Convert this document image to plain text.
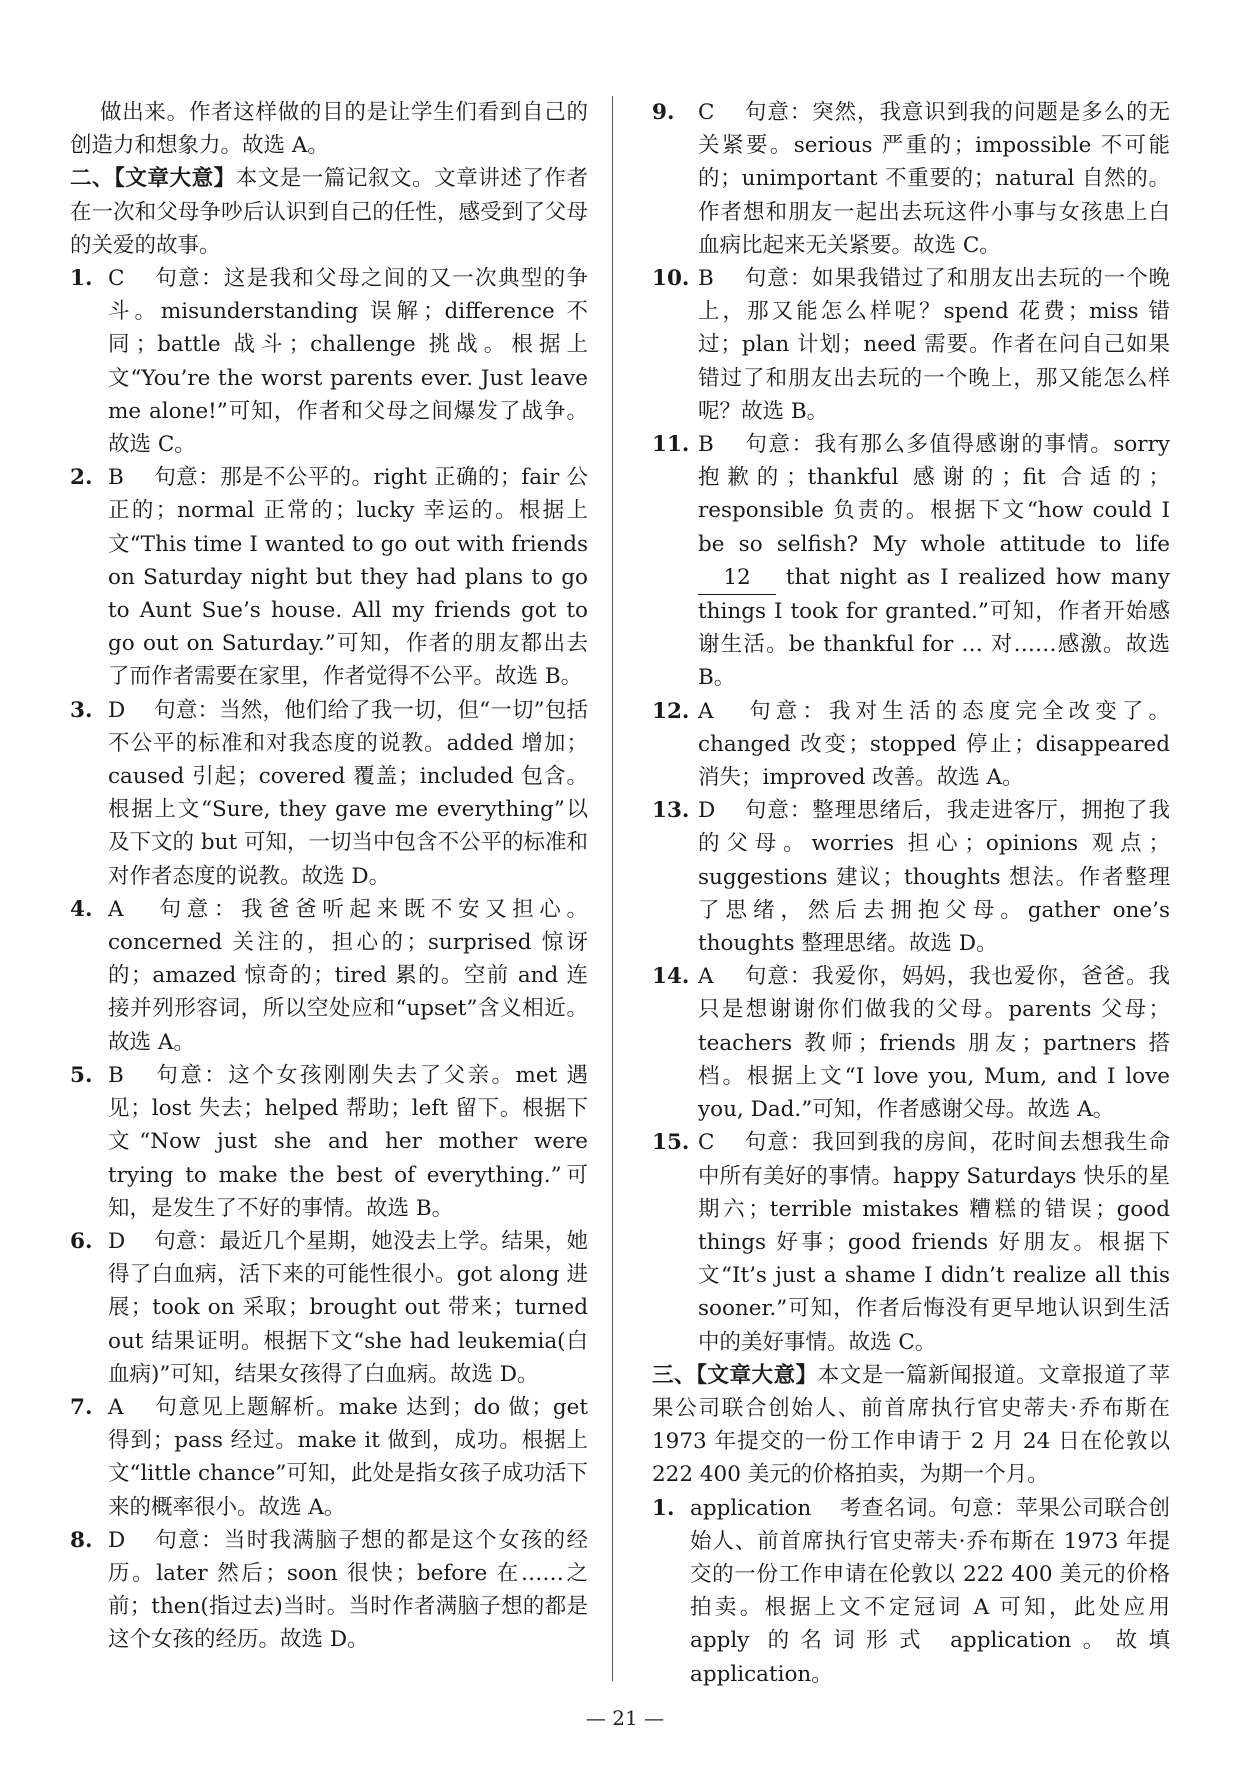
做出来。作者这样做的目的是让学生们看到自己的创造力和想象力。故选 A。

二、【文章大意】本文是一篇记叙文。文章讲述了作者在一次和父母争吵后认识到自己的任性，感受到了父母的关爱的故事。

1. C 句意：这是我和父母之间的又一次典型的争斗。misunderstanding 误解；difference 不同；battle 战斗；challenge 挑战。根据上文“You’re the worst parents ever. Just leave me alone!”可知，作者和父母之间爆发了战争。故选 C。
2. B 句意：那是不公平的。right 正确的；fair 公正的；normal 正常的；lucky 幸运的。根据上文“This time I wanted to go out with friends on Saturday night but they had plans to go to Aunt Sue’s house. All my friends got to go out on Saturday.”可知，作者的朋友都出去了而作者需要在家里，作者觉得不公平。故选 B。
3. D 句意：当然，他们给了我一切，但“一切”包括不公平的标准和对我态度的说教。added 增加；caused 引起；covered 覆盖；included 包含。根据上文“Sure, they gave me everything”以及下文的 but 可知，一切当中包含不公平的标准和对作者态度的说教。故选 D。
4. A 句意：我爸爸听起来既不安又担心。concerned 关注的，担心的；surprised 惊讶的；amazed 惊奇的；tired 累的。空前 and 连接并列形容词，所以空处应和“upset”含义相近。故选 A。
5. B 句意：这个女孩刚刚失去了父亲。met 遇见；lost 失去；helped 帮助；left 留下。根据下文“Now just she and her mother were trying to make the best of everything.”可知，是发生了不好的事情。故选 B。
6. D 句意：最近几个星期，她没去上学。结果，她得了白血病，活下来的可能性很小。got along 进展；took on 采取；brought out 带来；turned out 结果证明。根据下文“she had leukemia(白血病)”可知，结果女孩得了白血病。故选 D。
7. A 句意见上题解析。make 达到；do 做；get 得到；pass 经过。make it 做到，成功。根据上文“little chance”可知，此处是指女孩子成功活下来的概率很小。故选 A。
8. D 句意：当时我满脑子想的都是这个女孩的经历。later 然后；soon 很快；before 在……之前；then(指过去)当时。当时作者满脑子想的都是这个女孩的经历。故选 D。
9.	C 句意：突然，我意识到我的问题是多么的无关紧要。serious 严重的；impossible 不可能的；unimportant 不重要的；natural 自然的。作者想和朋友一起出去玩这件小事与女孩患上白血病比起来无关紧要。故选 C。
10. B 句意：如果我错过了和朋友出去玩的一个晚上，那又能怎么样呢？spend 花费；miss 错过；plan 计划；need 需要。作者在问自己如果错过了和朋友出去玩的一个晚上，那又能怎么样呢？故选 B。
11. B 句意：我有那么多值得感谢的事情。sorry 抱歉的；thankful 感谢的；fit 合适的；responsible 负责的。根据下文“how could I be so selfish? My whole attitude to life 12 that night as I realized how many things I took for granted.”可知，作者开始感谢生活。be thankful for … 对……感激。故选 B。
12. A 句意：我对生活的态度完全改变了。changed 改变；stopped 停止；disappeared 消失；improved 改善。故选 A。
13. D 句意：整理思绪后，我走进客厅，拥抱了我的父母。worries 担心；opinions 观点；suggestions 建议；thoughts 想法。作者整理了思绪，然后去拥抱父母。gather one’s thoughts 整理思绪。故选 D。
14. A 句意：我爱你，妈妈，我也爱你，爸爸。我只是想谢谢你们做我的父母。parents 父母；teachers 教师；friends 朋友；partners 搭档。根据上文“I love you, Mum, and I love you, Dad.”可知，作者感谢父母。故选 A。
15. C 句意：我回到我的房间，花时间去想我生命中所有美好的事情。happy Saturdays 快乐的星期六；terrible mistakes 糟糕的错误；good things 好事；good friends 好朋友。根据下文“It’s just a shame I didn’t realize all this sooner.”可知，作者后悔没有更早地认识到生活中的美好事情。故选 C。

三、【文章大意】本文是一篇新闻报道。文章报道了苹果公司联合创始人、前首席执行官史蒂夫·乔布斯在 1973 年提交的一份工作申请于 2 月 24 日在伦敦以 222 400 美元的价格拍卖，为期一个月。

1. application 考查名词。句意：苹果公司联合创始人、前首席执行官史蒂夫·乔布斯在 1973 年提交的一份工作申请在伦敦以 222 400 美元的价格拍卖。根据上文不定冠词 A 可知，此处应用 apply 的名词形式 application。故填 application。
— 21 —
